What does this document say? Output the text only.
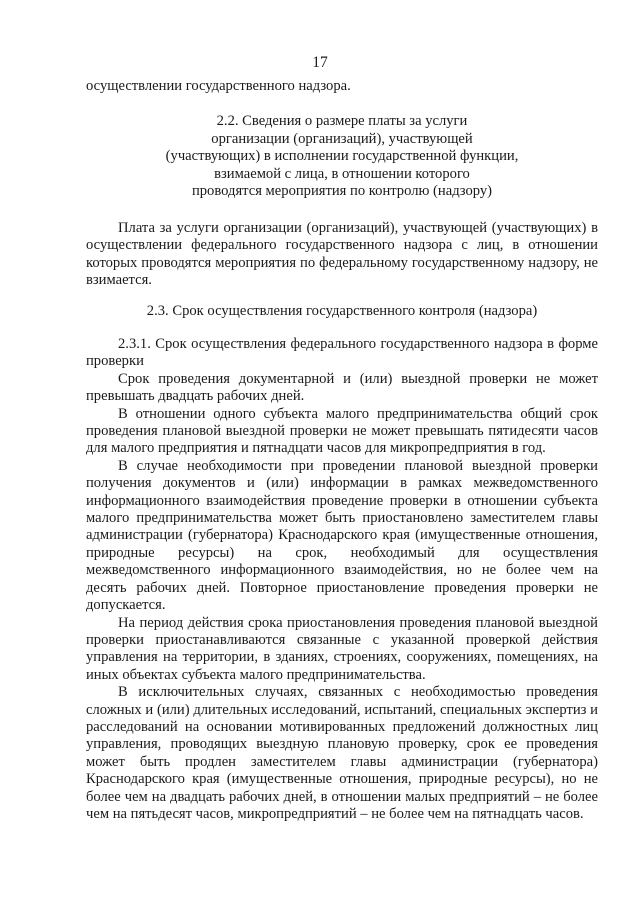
17

осуществлении государственного надзора.

2.2. Сведения о размере платы за услуги
организации (организаций), участвующей
(участвующих) в исполнении государственной функции,
взимаемой с лица, в отношении которого
проводятся мероприятия по контролю (надзору)

Плата за услуги организации (организаций), участвующей (участвующих) в осуществлении федерального государственного надзора с лиц, в отношении которых проводятся мероприятия по федеральному государственному надзору, не взимается.

2.3. Срок осуществления государственного контроля (надзора)

2.3.1. Срок осуществления федерального государственного надзора в форме проверки

Срок проведения документарной и (или) выездной проверки не может превышать двадцать рабочих дней.

В отношении одного субъекта малого предпринимательства общий срок проведения плановой выездной проверки не может превышать пятидесяти часов для малого предприятия и пятнадцати часов для микропредприятия в год.

В случае необходимости при проведении плановой выездной проверки получения документов и (или) информации в рамках межведомственного информационного взаимодействия проведение проверки в отношении субъекта малого предпринимательства может быть приостановлено заместителем главы администрации (губернатора) Краснодарского края (имущественные отношения, природные ресурсы) на срок, необходимый для осуществления межведомственного информационного взаимодействия, но не более чем на десять рабочих дней. Повторное приостановление проведения проверки не допускается.

На период действия срока приостановления проведения плановой выездной проверки приостанавливаются связанные с указанной проверкой действия управления на территории, в зданиях, строениях, сооружениях, помещениях, на иных объектах субъекта малого предпринимательства.

В исключительных случаях, связанных с необходимостью проведения сложных и (или) длительных исследований, испытаний, специальных экспертиз и расследований на основании мотивированных предложений должностных лиц управления, проводящих выездную плановую проверку, срок ее проведения может быть продлен заместителем главы администрации (губернатора) Краснодарского края (имущественные отношения, природные ресурсы), но не более чем на двадцать рабочих дней, в отношении малых предприятий – не более чем на пятьдесят часов, микропредприятий – не более чем на пятнадцать часов.
